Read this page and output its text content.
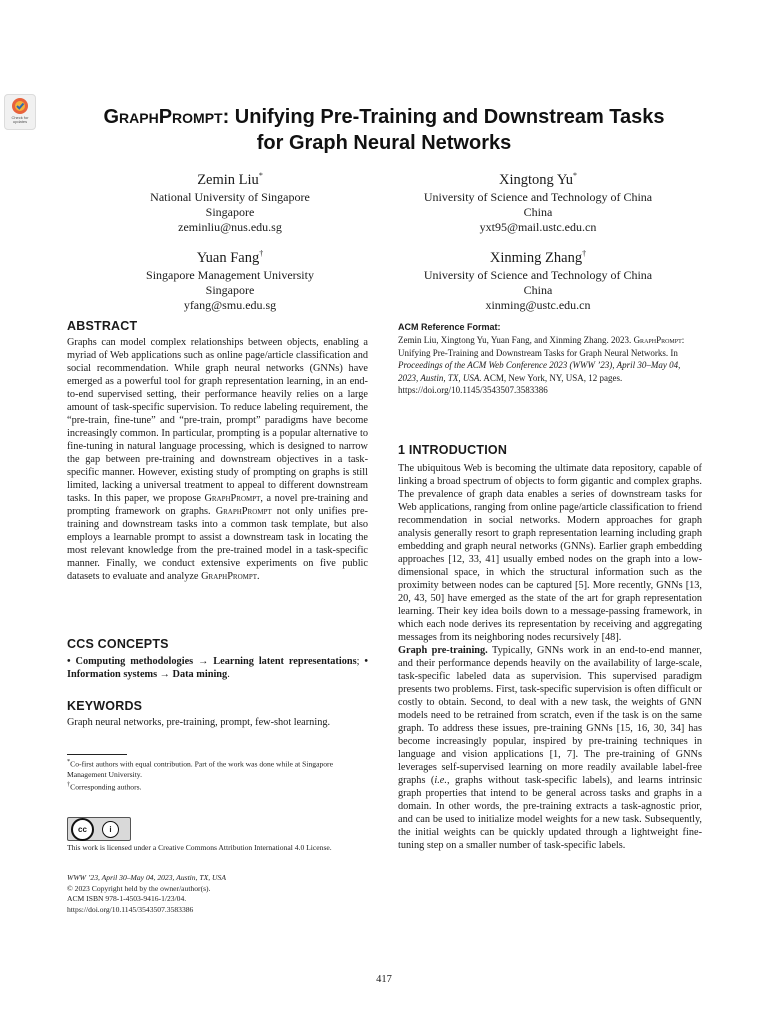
Check for updates	GraphPrompt: Unifying Pre-Training and Downstream Tasks
for Graph Neural Networks
Zemin Liu*
National University of Singapore
Singapore
zeminliu@nus.edu.sg
Xingtong Yu*
University of Science and Technology of China
China
yxt95@mail.ustc.edu.cn
Yuan Fang†
Singapore Management University
Singapore
yfang@smu.edu.sg
Xinming Zhang†
University of Science and Technology of China
China
xinming@ustc.edu.cn
ABSTRACT

Graphs can model complex relationships between objects, enabling a myriad of Web applications such as online page/article classification and social recommendation. While graph neural networks (GNNs) have emerged as a powerful tool for graph representation learning, in an end-to-end supervised setting, their performance heavily relies on a large amount of task-specific supervision. To reduce labeling requirement, the “pre-train, fine-tune” and “pre-train, prompt” paradigms have become increasingly common. In particular, prompting is a popular alternative to fine-tuning in natural language processing, which is designed to narrow the gap between pre-training and downstream objectives in a task-specific manner. However, existing study of prompting on graphs is still limited, lacking a universal treatment to appeal to different downstream tasks. In this paper, we propose GraphPrompt, a novel pre-training and prompting framework on graphs. GraphPrompt not only unifies pre-training and downstream tasks into a common task template, but also employs a learnable prompt to assist a downstream task in locating the most relevant knowledge from the pre-trained model in a task-specific manner. Finally, we conduct extensive experiments on five public datasets to evaluate and analyze GraphPrompt.

CCS CONCEPTS
• Computing methodologies → Learning latent representations; • Information systems → Data mining.
KEYWORDS
Graph neural networks, pre-training, prompt, few-shot learning.
*Co-first authors with equal contribution. Part of the work was done while at Singapore Management University.
†Corresponding authors.
cc	i
This work is licensed under a Creative Commons Attribution International 4.0 License.
WWW ’23, April 30–May 04, 2023, Austin, TX, USA
© 2023 Copyright held by the owner/author(s).
ACM ISBN 978-1-4503-9416-1/23/04.
https://doi.org/10.1145/3543507.3583386
ACM Reference Format:
Zemin Liu, Xingtong Yu, Yuan Fang, and Xinming Zhang. 2023. GraphPrompt: Unifying Pre-Training and Downstream Tasks for Graph Neural Networks. In Proceedings of the ACM Web Conference 2023 (WWW ’23), April 30–May 04, 2023, Austin, TX, USA. ACM, New York, NY, USA, 12 pages. https://doi.org/10.1145/3543507.3583386
1 INTRODUCTION

The ubiquitous Web is becoming the ultimate data repository, capable of linking a broad spectrum of objects to form gigantic and complex graphs. The prevalence of graph data enables a series of downstream tasks for Web applications, ranging from online page/article classification to friend recommendation in social networks. Modern approaches for graph analysis generally resort to graph representation learning including graph embedding and graph neural networks (GNNs). Earlier graph embedding approaches [12, 33, 41] usually embed nodes on the graph into a low-dimensional space, in which the structural information such as the proximity between nodes can be captured [5]. More recently, GNNs [13, 20, 43, 50] have emerged as the state of the art for graph representation learning. Their key idea boils down to a message-passing framework, in which each node derives its representation by receiving and aggregating messages from its neighboring nodes recursively [48].

Graph pre-training. Typically, GNNs work in an end-to-end manner, and their performance depends heavily on the availability of large-scale, task-specific labeled data as supervision. This supervised paradigm presents two problems. First, task-specific supervision is often difficult or costly to obtain. Second, to deal with a new task, the weights of GNN models need to be retrained from scratch, even if the task is on the same graph. To address these issues, pre-training GNNs [15, 16, 30, 34] has become increasingly popular, inspired by pre-training techniques in language and vision applications [1, 7]. The pre-training of GNNs leverages self-supervised learning on more readily available label-free graphs (i.e., graphs without task-specific labels), and learns intrinsic graph properties that intend to be general across tasks and graphs in a domain. In other words, the pre-training extracts a task-agnostic prior, and can be used to initialize model weights for a new task. Subsequently, the initial weights can be quickly updated through a lightweight fine-tuning step on a smaller number of task-specific labels.

417
